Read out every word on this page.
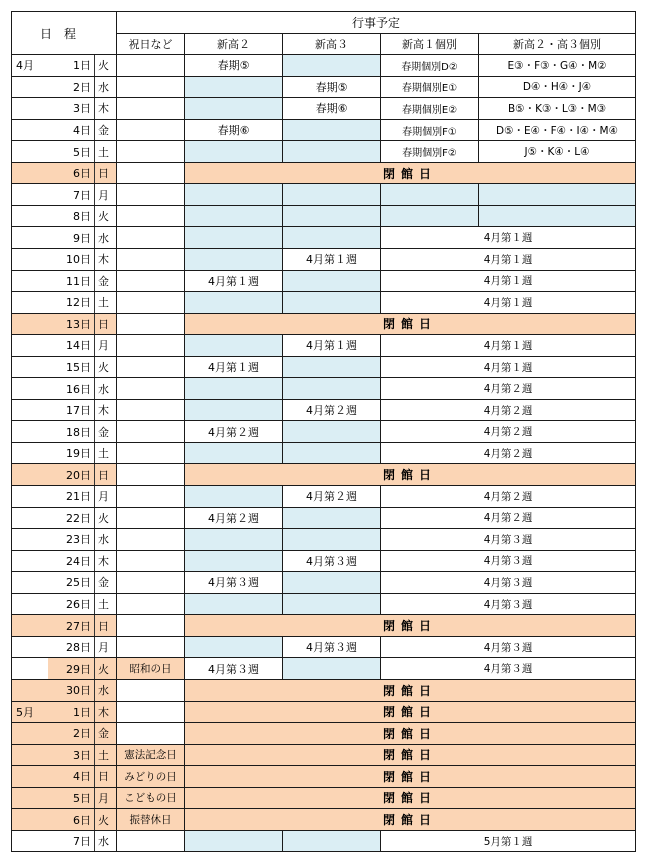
日程			行事予定				
			祝日など	新高２	新高３	新高１個別	新高２・高３個別
4月	1日	火		春期⑤		春期個別D②	E③・F③・G④・M②
	2日	水			春期⑤	春期個別E①	D④・H④・J④
	3日	木			春期⑥	春期個別E②	B⑤・K③・L③・M③
	4日	金		春期⑥		春期個別F①	D⑤・E④・F④・I④・M④
	5日	土				春期個別F②	J⑤・K④・L④
	6日	日		閉館日			
	7日	月					
	8日	火					
	9日	水				4月第１週	
	10日	木			4月第１週	4月第１週	
	11日	金		4月第１週		4月第１週	
	12日	土				4月第１週	
	13日	日		閉館日			
	14日	月			4月第１週	4月第１週	
	15日	火		4月第１週		4月第１週	
	16日	水				4月第２週	
	17日	木			4月第２週	4月第２週	
	18日	金		4月第２週		4月第２週	
	19日	土				4月第２週	
	20日	日		閉館日			
	21日	月			4月第２週	4月第２週	
	22日	火		4月第２週		4月第２週	
	23日	水				4月第３週	
	24日	木			4月第３週	4月第３週	
	25日	金		4月第３週		4月第３週	
	26日	土				4月第３週	
	27日	日		閉館日			
	28日	月			4月第３週	4月第３週	
	29日	火	昭和の日	4月第３週		4月第３週	
	30日	水		閉館日			
5月	1日	木		閉館日			
	2日	金		閉館日			
	3日	土	憲法記念日	閉館日			
	4日	日	みどりの日	閉館日			
	5日	月	こどもの日	閉館日			
	6日	火	振替休日	閉館日			
	7日	水				5月第１週	
